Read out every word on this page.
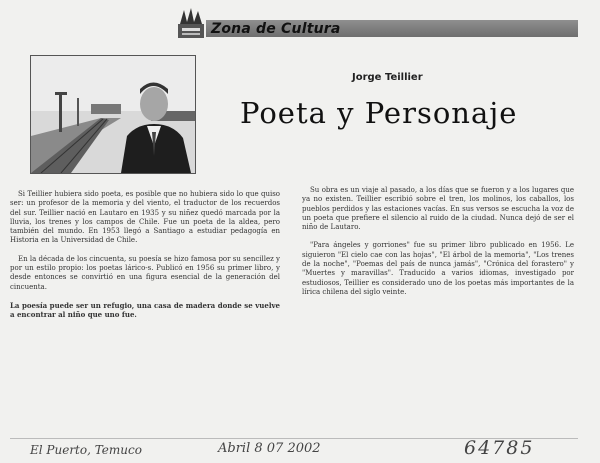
Zona de Cultura
Jorge Teillier
Poeta y Personaje

Si Teillier hubiera sido poeta, es posible que no hubiera sido lo que quiso ser: un profesor de la memoria y del viento, el traductor de los recuerdos del sur. Teillier nació en Lautaro en 1935 y su niñez quedó marcada por la lluvia, los trenes y los campos de Chile. Fue un poeta de la aldea, pero también del mundo. En 1953 llegó a Santiago a estudiar pedagogía en Historia en la Universidad de Chile.

En la década de los cincuenta, su poesía se hizo famosa por su sencillez y por un estilo propio: los poetas lárico-s. Publicó en 1956 su primer libro, y desde entonces se convirtió en una figura esencial de la generación del cincuenta.

La poesía puede ser un refugio, una casa de madera donde se vuelve a encontrar al niño que uno fue.

Su obra es un viaje al pasado, a los días que se fueron y a los lugares que ya no existen. Teillier escribió sobre el tren, los molinos, los caballos, los pueblos perdidos y las estaciones vacías. En sus versos se escucha la voz de un poeta que prefiere el silencio al ruido de la ciudad. Nunca dejó de ser el niño de Lautaro.

"Para ángeles y gorriones" fue su primer libro publicado en 1956. Le siguieron "El cielo cae con las hojas", "El árbol de la memoria", "Los trenes de la noche", "Poemas del país de nunca jamás", "Crónica del forastero" y "Muertes y maravillas". Traducido a varios idiomas, investigado por estudiosos, Teillier es considerado uno de los poetas más importantes de la lírica chilena del siglo veinte.

El Puerto, Temuco	Abril 8 07 2002	64785
